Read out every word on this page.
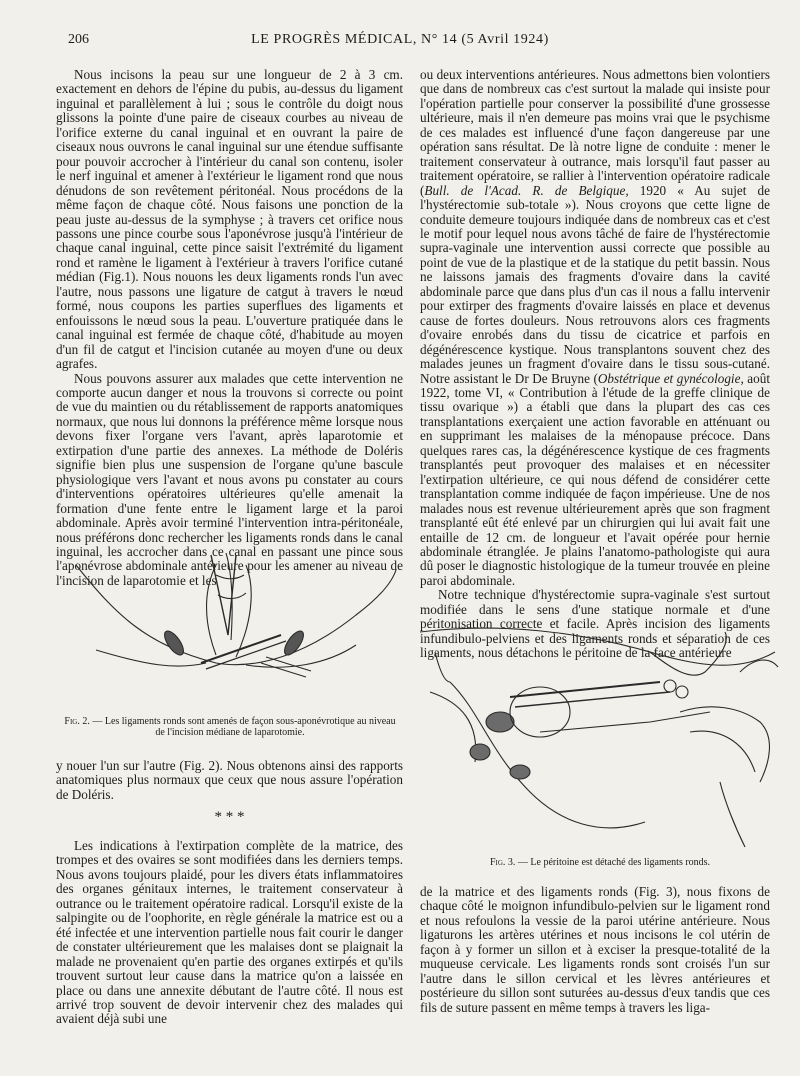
206	LE PROGRÈS MÉDICAL, N° 14 (5 Avril 1924)

Nous incisons la peau sur une longueur de 2 à 3 cm. exactement en dehors de l'épine du pubis, au-dessus du ligament inguinal et parallèlement à lui ; sous le contrôle du doigt nous glissons la pointe d'une paire de ciseaux courbes au niveau de l'orifice externe du canal inguinal et en ouvrant la paire de ciseaux nous ouvrons le canal inguinal sur une étendue suffisante pour pouvoir accrocher à l'intérieur du canal son contenu, isoler le nerf inguinal et amener à l'extérieur le ligament rond que nous dénudons de son revêtement péritonéal. Nous procédons de la même façon de chaque côté. Nous faisons une ponction de la peau juste au-dessus de la symphyse ; à travers cet orifice nous passons une pince courbe sous l'aponévrose jusqu'à l'intérieur de chaque canal inguinal, cette pince saisit l'extrémité du ligament rond et ramène le ligament à l'extérieur à travers l'orifice cutané médian (Fig.1). Nous nouons les deux ligaments ronds l'un avec l'autre, nous passons une ligature de catgut à travers le nœud formé, nous coupons les parties superflues des ligaments et enfouissons le nœud sous la peau. L'ouverture pratiquée dans le canal inguinal est fermée de chaque côté, d'habitude au moyen d'un fil de catgut et l'incision cutanée au moyen d'une ou deux agrafes.

Nous pouvons assurer aux malades que cette intervention ne comporte aucun danger et nous la trouvons si correcte ou point de vue du maintien ou du rétablissement de rapports anatomiques normaux, que nous lui donnons la préférence même lorsque nous devons fixer l'organe vers l'avant, après laparotomie et extirpation d'une partie des annexes. La méthode de Doléris signifie bien plus une suspension de l'organe qu'une bascule physiologique vers l'avant et nous avons pu constater au cours d'interventions opératoires ultérieures qu'elle amenait la formation d'une fente entre le ligament large et la paroi abdominale. Après avoir terminé l'intervention intra-péritonéale, nous préférons donc rechercher les ligaments ronds dans le canal inguinal, les accrocher dans ce canal en passant une pince sous l'aponévrose abdominale antérieure pour les amener au niveau de l'incision de laparotomie et les

Fig. 2. — Les ligaments ronds sont amenés de façon sous-aponévrotique au niveau de l'incision médiane de laparotomie.

y nouer l'un sur l'autre (Fig. 2). Nous obtenons ainsi des rapports anatomiques plus normaux que ceux que nous assure l'opération de Doléris.

* * *

Les indications à l'extirpation complète de la matrice, des trompes et des ovaires se sont modifiées dans les derniers temps. Nous avons toujours plaidé, pour les divers états inflammatoires des organes génitaux internes, le traitement conservateur à outrance ou le traitement opératoire radical. Lorsqu'il existe de la salpingite ou de l'oophorite, en règle générale la matrice est ou a été infectée et une intervention partielle nous fait courir le danger de constater ultérieurement que les malaises dont se plaignait la malade ne provenaient qu'en partie des organes extirpés et qu'ils trouvent surtout leur cause dans la matrice qu'on a laissée en place ou dans une annexite débutant de l'autre côté. Il nous est arrivé trop souvent de devoir intervenir chez des malades qui avaient déjà subi une

ou deux interventions antérieures. Nous admettons bien volontiers que dans de nombreux cas c'est surtout la malade qui insiste pour l'opération partielle pour conserver la possibilité d'une grossesse ultérieure, mais il n'en demeure pas moins vrai que le psychisme de ces malades est influencé d'une façon dangereuse par une opération sans résultat. De là notre ligne de conduite : mener le traitement conservateur à outrance, mais lorsqu'il faut passer au traitement opératoire, se rallier à l'intervention opératoire radicale (Bull. de l'Acad. R. de Belgique, 1920 « Au sujet de l'hystérectomie sub-totale »). Nous croyons que cette ligne de conduite demeure toujours indiquée dans de nombreux cas et c'est le motif pour lequel nous avons tâché de faire de l'hystérectomie supra-vaginale une intervention aussi correcte que possible au point de vue de la plastique et de la statique du petit bassin. Nous ne laissons jamais des fragments d'ovaire dans la cavité abdominale parce que dans plus d'un cas il nous a fallu intervenir pour extirper des fragments d'ovaire laissés en place et devenus cause de fortes douleurs. Nous retrouvons alors ces fragments d'ovaire enrobés dans du tissu de cicatrice et parfois en dégénérescence kystique. Nous transplantons souvent chez des malades jeunes un fragment d'ovaire dans le tissu sous-cutané. Notre assistant le Dr De Bruyne (Obstétrique et gynécologie, août 1922, tome VI, « Contribution à l'étude de la greffe clinique de tissu ovarique ») a établi que dans la plupart des cas ces transplantations exerçaient une action favorable en atténuant ou en supprimant les malaises de la ménopause précoce. Dans quelques rares cas, la dégénérescence kystique de ces fragments transplantés peut provoquer des malaises et en nécessiter l'extirpation ultérieure, ce qui nous défend de considérer cette transplantation comme indiquée de façon impérieuse. Une de nos malades nous est revenue ultérieurement après que son fragment transplanté eût été enlevé par un chirurgien qui lui avait fait une entaille de 12 cm. de longueur et l'avait opérée pour hernie abdominale étranglée. Je plains l'anatomo-pathologiste qui aura dû poser le diagnostic histologique de la tumeur trouvée en pleine paroi abdominale.

Notre technique d'hystérectomie supra-vaginale s'est surtout modifiée dans le sens d'une statique normale et d'une péritonisation correcte et facile. Après incision des ligaments infundibulo-pelviens et des ligaments ronds et séparation de ces ligaments, nous détachons le péritoine de la face antérieure

Fig. 3. — Le péritoine est détaché des ligaments ronds.

de la matrice et des ligaments ronds (Fig. 3), nous fixons de chaque côté le moignon infundibulo-pelvien sur le ligament rond et nous refoulons la vessie de la paroi utérine antérieure. Nous ligaturons les artères utérines et nous incisons le col utérin de façon à y former un sillon et à exciser la presque-totalité de la muqueuse cervicale. Les ligaments ronds sont croisés l'un sur l'autre dans le sillon cervical et les lèvres antérieures et postérieure du sillon sont suturées au-dessus d'eux tandis que ces fils de suture passent en même temps à travers les liga-
